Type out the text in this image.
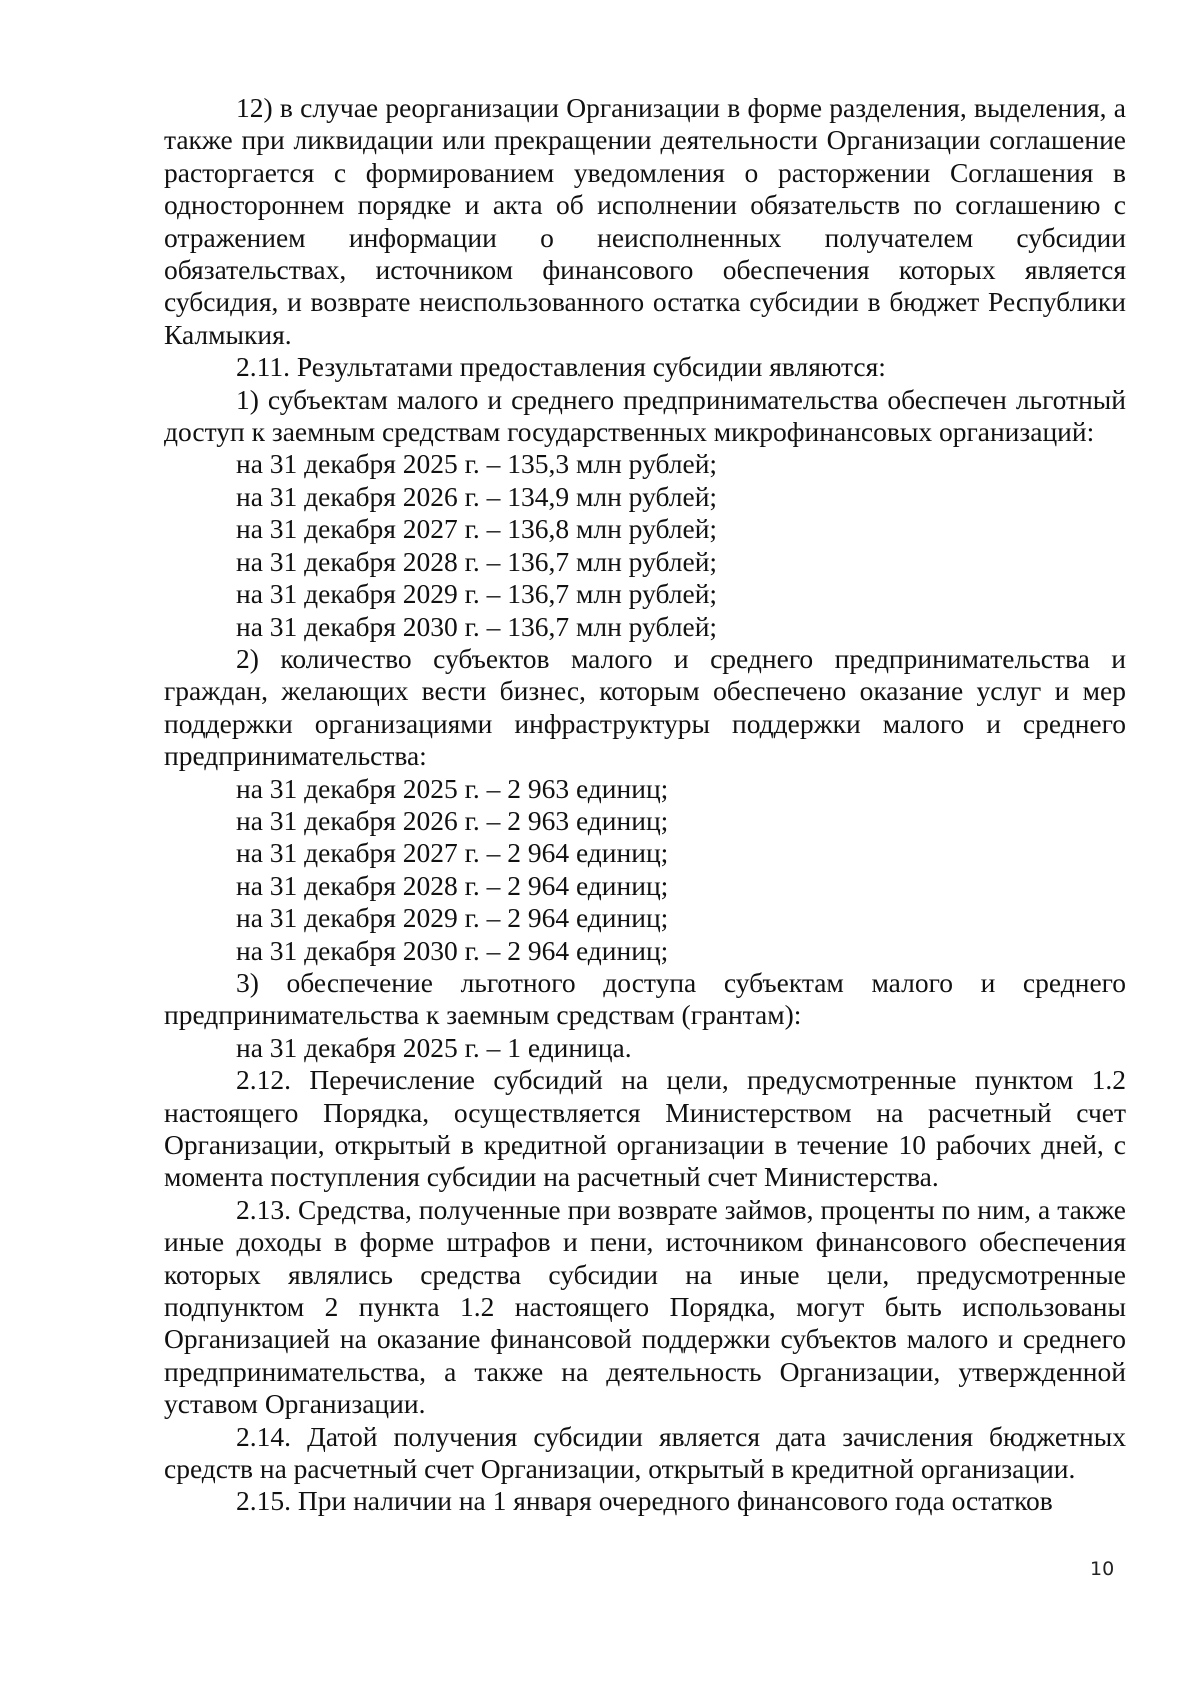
12) в случае реорганизации Организации в форме разделения, выделения, а также при ликвидации или прекращении деятельности Организации соглашение расторгается с формированием уведомления о расторжении Соглашения в одностороннем порядке и акта об исполнении обязательств по соглашению с отражением информации о неисполненных получателем субсидии обязательствах, источником финансового обеспечения которых является субсидия, и возврате неиспользованного остатка субсидии в бюджет Республики Калмыкия.

2.11. Результатами предоставления субсидии являются:

1) субъектам малого и среднего предпринимательства обеспечен льготный доступ к заемным средствам государственных микрофинансовых организаций:

на 31 декабря 2025 г. – 135,3 млн рублей;

на 31 декабря 2026 г. – 134,9 млн рублей;

на 31 декабря 2027 г. – 136,8 млн рублей;

на 31 декабря 2028 г. – 136,7 млн рублей;

на 31 декабря 2029 г. – 136,7 млн рублей;

на 31 декабря 2030 г. – 136,7 млн рублей;

2) количество субъектов малого и среднего предпринимательства и граждан, желающих вести бизнес, которым обеспечено оказание услуг и мер поддержки организациями инфраструктуры поддержки малого и среднего предпринимательства:

на 31 декабря 2025 г. – 2 963 единиц;

на 31 декабря 2026 г. – 2 963 единиц;

на 31 декабря 2027 г. – 2 964 единиц;

на 31 декабря 2028 г. – 2 964 единиц;

на 31 декабря 2029 г. – 2 964 единиц;

на 31 декабря 2030 г. – 2 964 единиц;

3) обеспечение льготного доступа субъектам малого и среднего предпринимательства к заемным средствам (грантам):

на 31 декабря 2025 г. – 1 единица.

2.12. Перечисление субсидий на цели, предусмотренные пунктом 1.2 настоящего Порядка, осуществляется Министерством на расчетный счет Организации, открытый в кредитной организации в течение 10 рабочих дней, с момента поступления субсидии на расчетный счет Министерства.

2.13. Средства, полученные при возврате займов, проценты по ним, а также иные доходы в форме штрафов и пени, источником финансового обеспечения которых являлись средства субсидии на иные цели, предусмотренные подпунктом 2 пункта 1.2 настоящего Порядка, могут быть использованы Организацией на оказание финансовой поддержки субъектов малого и среднего предпринимательства, а также на деятельность Организации, утвержденной уставом Организации.

2.14. Датой получения субсидии является дата зачисления бюджетных средств на расчетный счет Организации, открытый в кредитной организации.

2.15. При наличии на 1 января очередного финансового года остатков

10
